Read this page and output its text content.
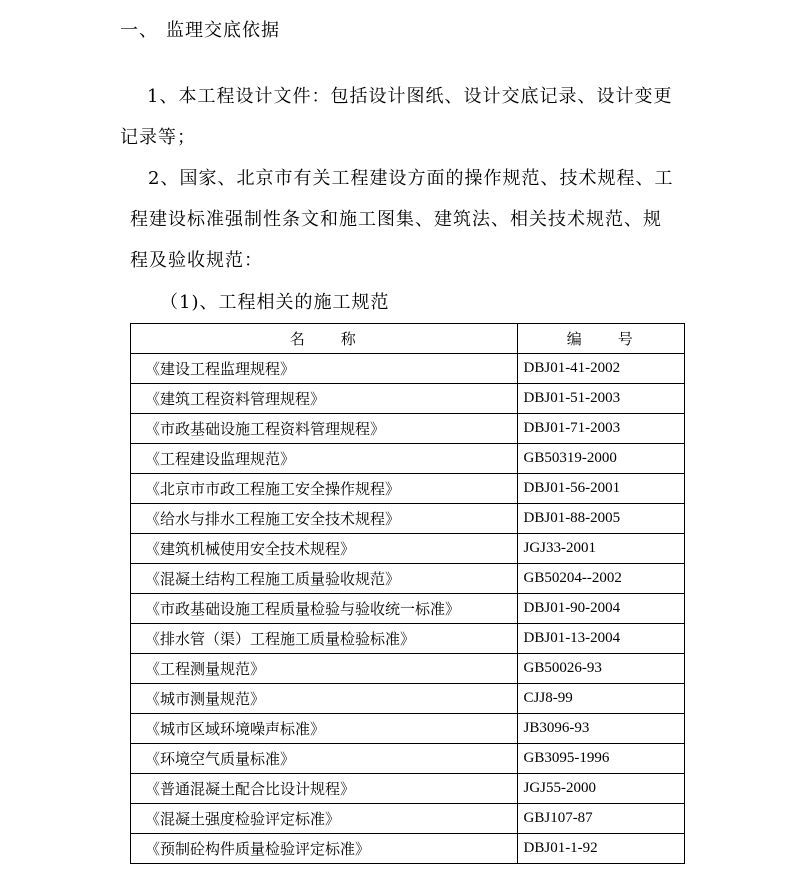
一、 监理交底依据
1、本工程设计文件：包括设计图纸、设计交底记录、设计变更记录等；
2、国家、北京市有关工程建设方面的操作规范、技术规程、工程建设标准强制性条文和施工图集、建筑法、相关技术规范、规程及验收规范：
（1)、工程相关的施工规范
名　　称	编　　号
《建设工程监理规程》	DBJ01-41-2002
《建筑工程资料管理规程》	DBJ01-51-2003
《市政基础设施工程资料管理规程》	DBJ01-71-2003
《工程建设监理规范》	GB50319-2000
《北京市市政工程施工安全操作规程》	DBJ01-56-2001
《给水与排水工程施工安全技术规程》	DBJ01-88-2005
《建筑机械使用安全技术规程》	JGJ33-2001
《混凝土结构工程施工质量验收规范》	GB50204--2002
《市政基础设施工程质量检验与验收统一标准》	DBJ01-90-2004
《排水管（渠）工程施工质量检验标准》	DBJ01-13-2004
《工程测量规范》	GB50026-93
《城市测量规范》	CJJ8-99
《城市区域环境噪声标准》	JB3096-93
《环境空气质量标准》	GB3095-1996
《普通混凝土配合比设计规程》	JGJ55-2000
《混凝土强度检验评定标准》	GBJ107-87
《预制砼构件质量检验评定标准》	DBJ01-1-92
